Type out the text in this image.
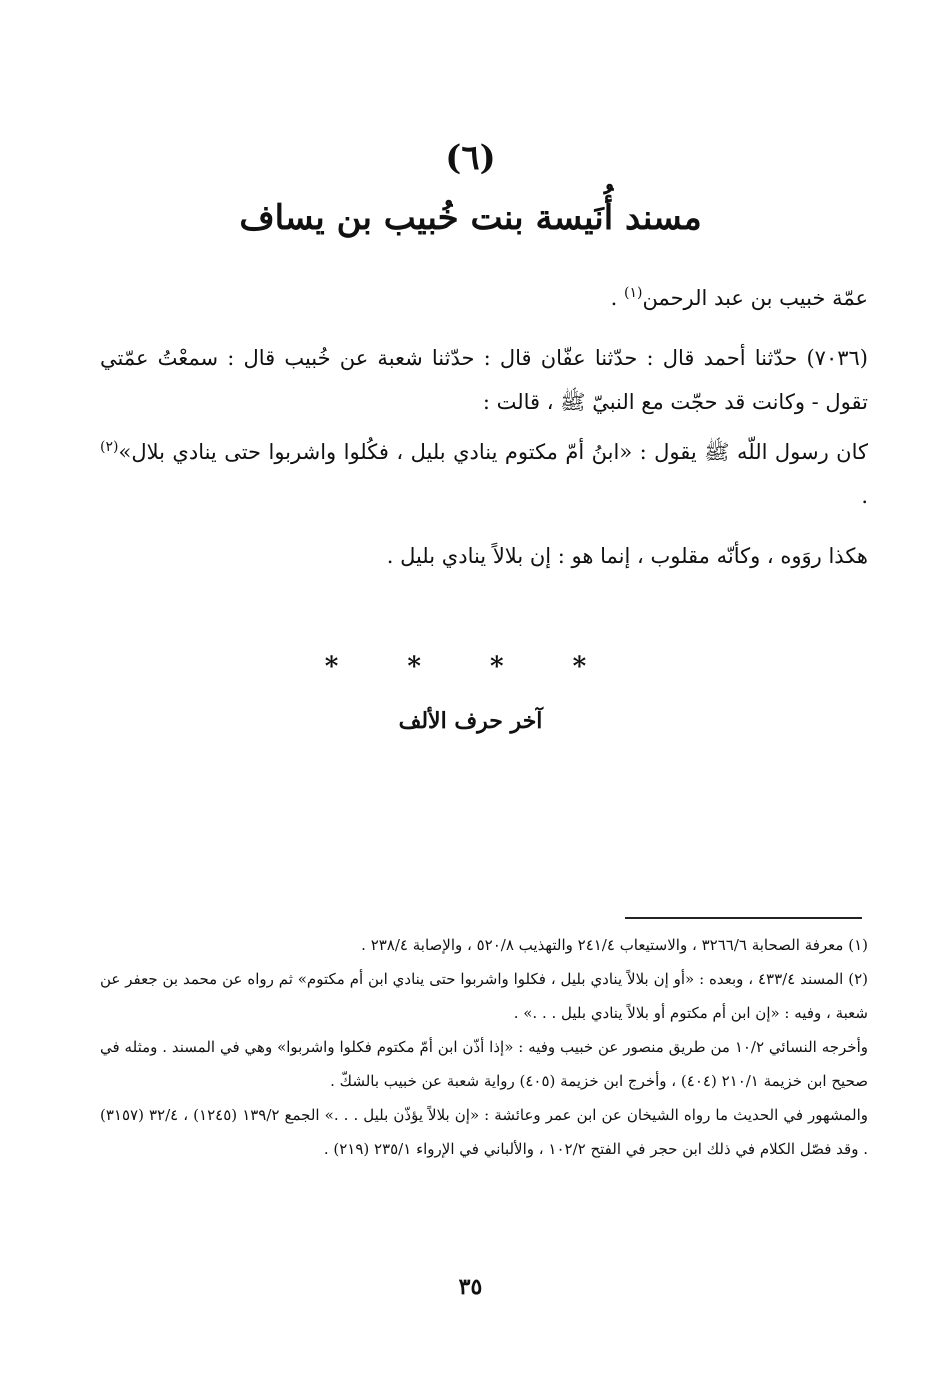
(٦)
مسند أُنَيسة بنت خُبيب بن يساف
عمّة خبيب بن عبد الرحمن$^{(١)}$ .
(٧٠٣٦) حدّثنا أحمد قال : حدّثنا عفّان قال : حدّثنا شعبة عن خُبيب قال : سمعْتُ عمّتي تقول - وكانت قد حجّت مع النبيّ ﷺ ، قالت :
كان رسول اللّه ﷺ يقول : «ابنُ أمّ مكتوم ينادي بليل ، فكُلوا واشربوا حتى ينادي بلال»$^{(٢)}$ .
هكذا روَوه ، وكأنّه مقلوب ، إنما هو : إن بلالاً ينادي بليل .
* * * *
آخر حرف الألف

(١) معرفة الصحابة ٣٢٦٦/٦ ، والاستيعاب ٢٤١/٤ والتهذيب ٥٢٠/٨ ، والإصابة ٢٣٨/٤ .

(٢) المسند ٤٣٣/٤ ، وبعده : «أو إن بلالاً ينادي بليل ، فكلوا واشربوا حتى ينادي ابن أم مكتوم» ثم رواه عن محمد بن جعفر عن شعبة ، وفيه : «إن ابن أم مكتوم أو بلالاً ينادي بليل . . .» .

وأخرجه النسائي ١٠/٢ من طريق منصور عن خبيب وفيه : «إذا أذّن ابن أمّ مكتوم فكلوا واشربوا» وهي في المسند . ومثله في صحيح ابن خزيمة ٢١٠/١ (٤٠٤) ، وأخرج ابن خزيمة (٤٠٥) رواية شعبة عن خبيب بالشكّ .

والمشهور في الحديث ما رواه الشيخان عن ابن عمر وعائشة : «إن بلالاً يؤذّن بليل . . .» الجمع ١٣٩/٢ (١٢٤٥) ، ٣٢/٤ (٣١٥٧) . وقد فصّل الكلام في ذلك ابن حجر في الفتح ١٠٢/٢ ، والألباني في الإرواء ٢٣٥/١ (٢١٩) .

٣٥
